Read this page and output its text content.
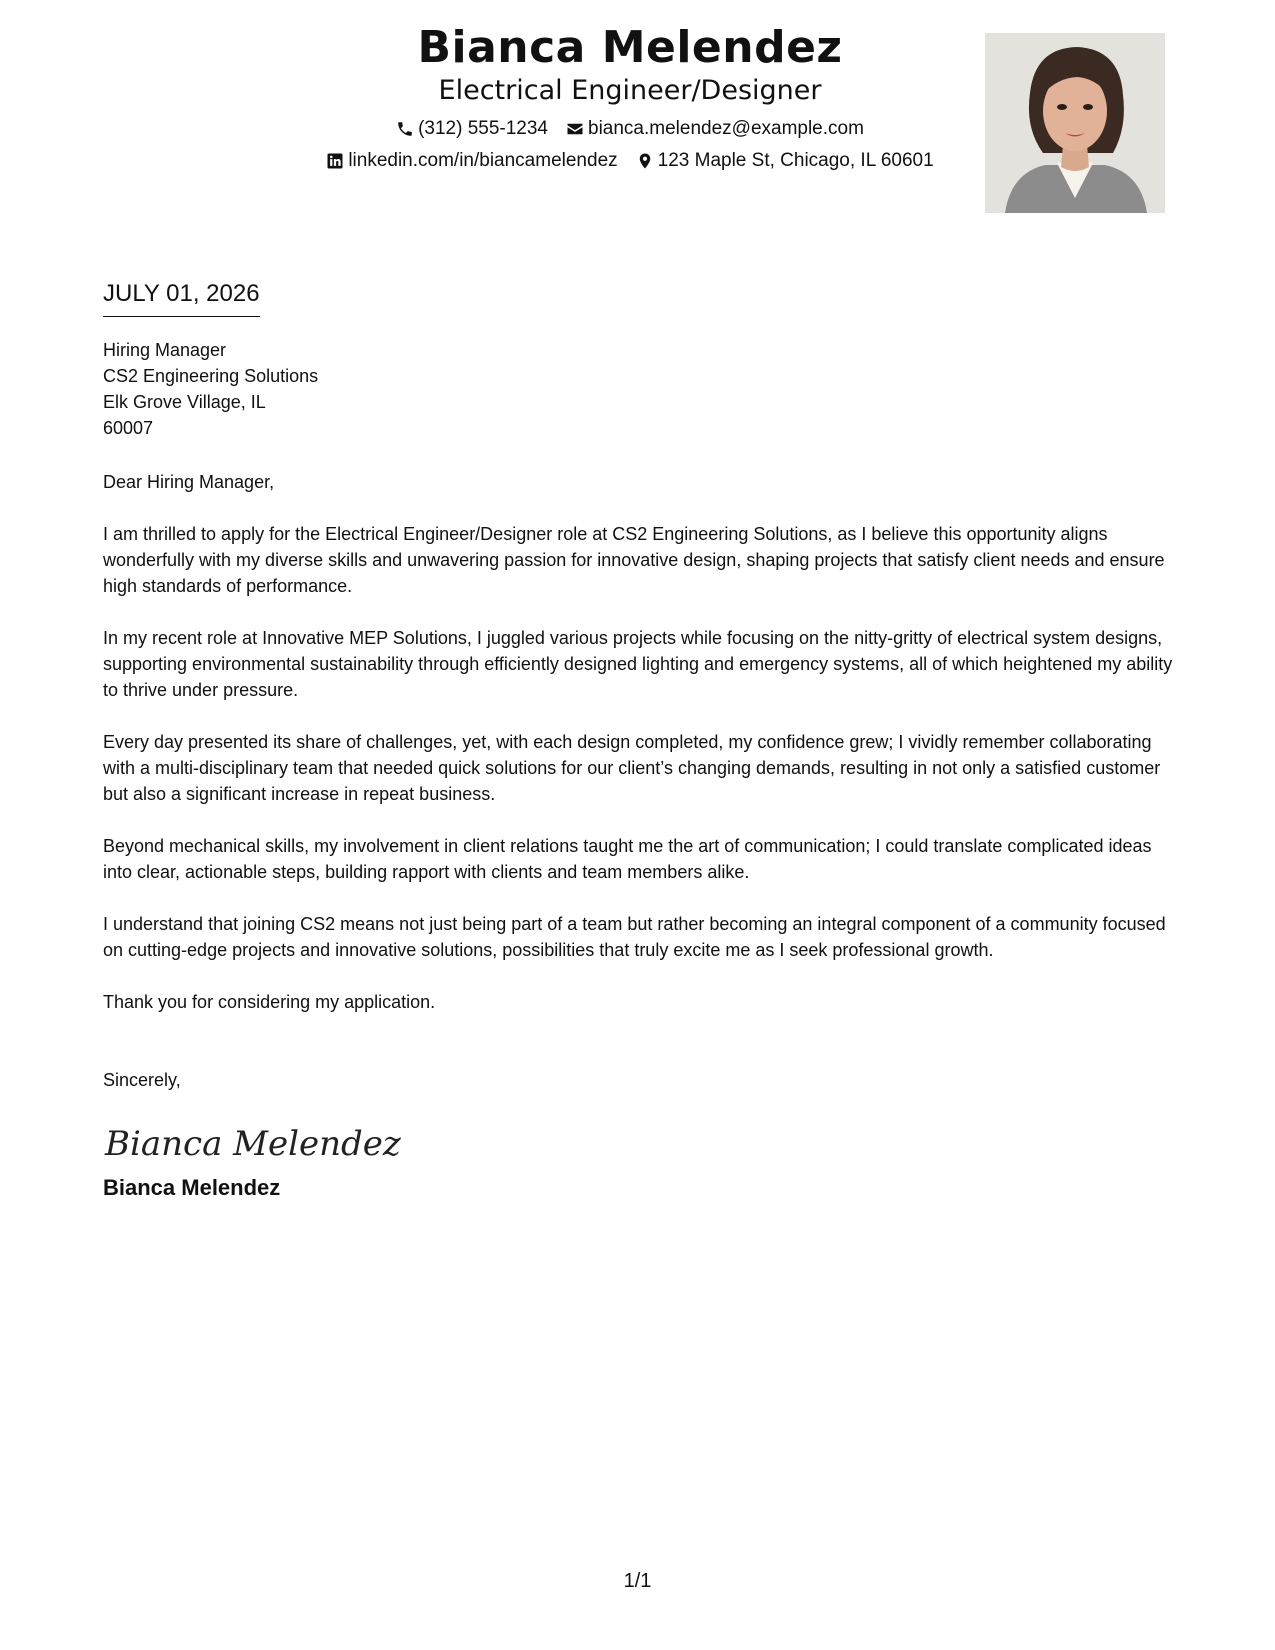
Bianca Melendez
Electrical Engineer/Designer
(312) 555-1234 bianca.melendez@example.com
linkedin.com/in/biancamelendez 123 Maple St, Chicago, IL 60601
JULY 01, 2026
Hiring Manager
CS2 Engineering Solutions
Elk Grove Village, IL
60007
Dear Hiring Manager,
I am thrilled to apply for the Electrical Engineer/Designer role at CS2 Engineering Solutions, as I believe this opportunity aligns wonderfully with my diverse skills and unwavering passion for innovative design, shaping projects that satisfy client needs and ensure high standards of performance.
In my recent role at Innovative MEP Solutions, I juggled various projects while focusing on the nitty-gritty of electrical system designs, supporting environmental sustainability through efficiently designed lighting and emergency systems, all of which heightened my ability to thrive under pressure.
Every day presented its share of challenges, yet, with each design completed, my confidence grew; I vividly remember collaborating with a multi-disciplinary team that needed quick solutions for our client’s changing demands, resulting in not only a satisfied customer but also a significant increase in repeat business.
Beyond mechanical skills, my involvement in client relations taught me the art of communication; I could translate complicated ideas into clear, actionable steps, building rapport with clients and team members alike.
I understand that joining CS2 means not just being part of a team but rather becoming an integral component of a community focused on cutting-edge projects and innovative solutions, possibilities that truly excite me as I seek professional growth.
Thank you for considering my application.
Sincerely,
Bianca Melendez
Bianca Melendez
1/1
